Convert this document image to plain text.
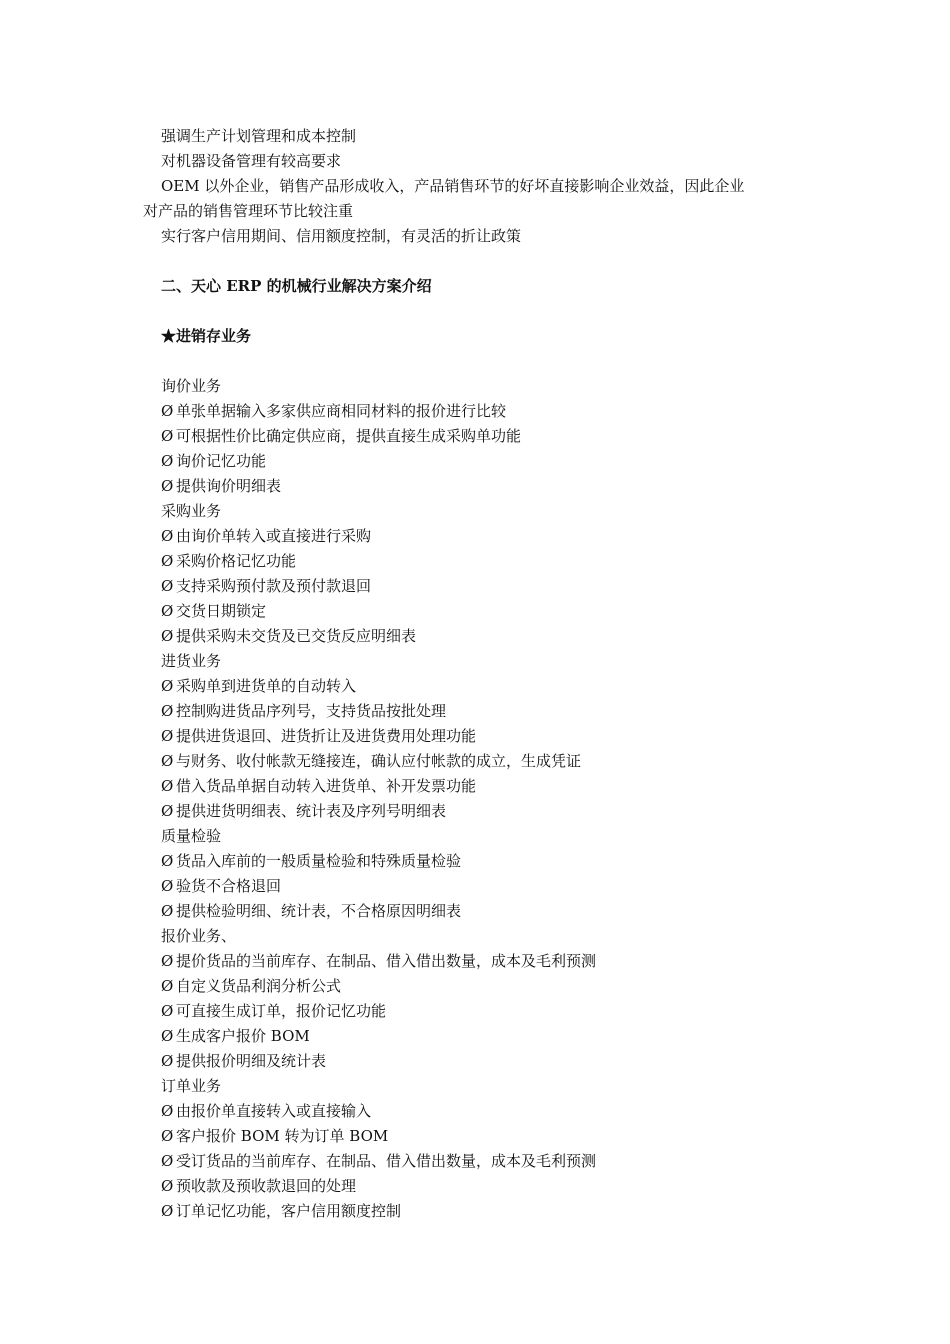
强调生产计划管理和成本控制
对机器设备管理有较高要求
OEM 以外企业，销售产品形成收入，产品销售环节的好坏直接影响企业效益，因此企业
对产品的销售管理环节比较注重
实行客户信用期间、信用额度控制，有灵活的折让政策
二、天心 ERP 的机械行业解决方案介绍
★进销存业务
询价业务
Ø 单张单据输入多家供应商相同材料的报价进行比较
Ø 可根据性价比确定供应商，提供直接生成采购单功能
Ø 询价记忆功能
Ø 提供询价明细表
采购业务
Ø 由询价单转入或直接进行采购
Ø 采购价格记忆功能
Ø 支持采购预付款及预付款退回
Ø 交货日期锁定
Ø 提供采购未交货及已交货反应明细表
进货业务
Ø 采购单到进货单的自动转入
Ø 控制购进货品序列号，支持货品按批处理
Ø 提供进货退回、进货折让及进货费用处理功能
Ø 与财务、收付帐款无缝接连，确认应付帐款的成立，生成凭证
Ø 借入货品单据自动转入进货单、补开发票功能
Ø 提供进货明细表、统计表及序列号明细表
质量检验
Ø 货品入库前的一般质量检验和特殊质量检验
Ø 验货不合格退回
Ø 提供检验明细、统计表，不合格原因明细表
报价业务、
Ø 提价货品的当前库存、在制品、借入借出数量，成本及毛利预测
Ø 自定义货品利润分析公式
Ø 可直接生成订单，报价记忆功能
Ø 生成客户报价 BOM
Ø 提供报价明细及统计表
订单业务
Ø 由报价单直接转入或直接输入
Ø 客户报价 BOM 转为订单 BOM
Ø 受订货品的当前库存、在制品、借入借出数量，成本及毛利预测
Ø 预收款及预收款退回的处理
Ø 订单记忆功能，客户信用额度控制
